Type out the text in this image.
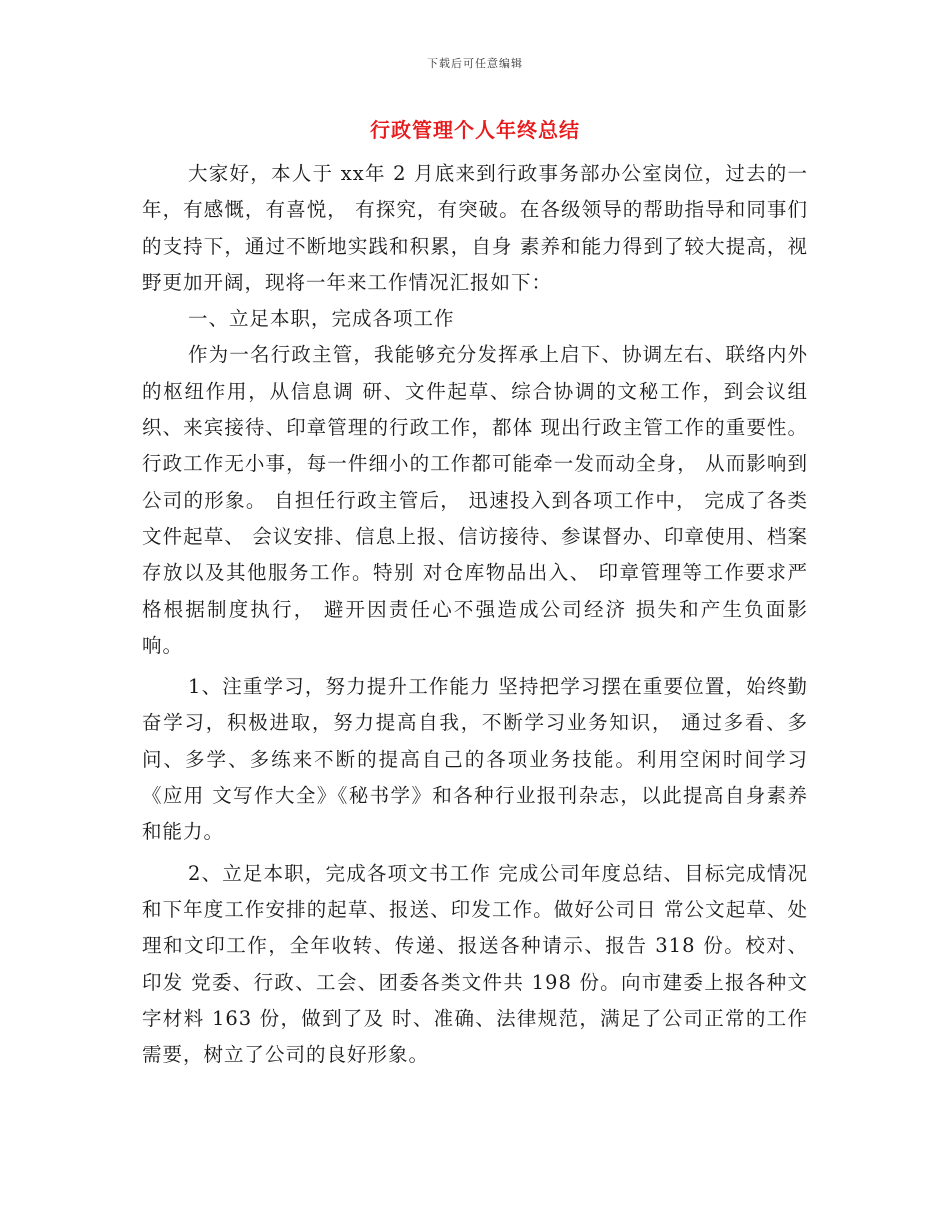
下载后可任意编辑
行政管理个人年终总结

大家好，本人于 xx年 2 月底来到行政事务部办公室岗位，过去的一年，有感慨，有喜悦， 有探究，有突破。在各级领导的帮助指导和同事们的支持下，通过不断地实践和积累，自身 素养和能力得到了较大提高，视野更加开阔，现将一年来工作情况汇报如下：

一、立足本职，完成各项工作

作为一名行政主管，我能够充分发挥承上启下、协调左右、联络内外的枢纽作用，从信息调 研、文件起草、综合协调的文秘工作，到会议组织、来宾接待、印章管理的行政工作，都体 现出行政主管工作的重要性。行政工作无小事，每一件细小的工作都可能牵一发而动全身， 从而影响到公司的形象。 自担任行政主管后， 迅速投入到各项工作中， 完成了各类文件起草、 会议安排、信息上报、信访接待、参谋督办、印章使用、档案存放以及其他服务工作。特别 对仓库物品出入、 印章管理等工作要求严格根据制度执行， 避开因责任心不强造成公司经济 损失和产生负面影响。

1、注重学习，努力提升工作能力 坚持把学习摆在重要位置，始终勤奋学习，积极进取，努力提高自我，不断学习业务知识， 通过多看、多问、多学、多练来不断的提高自己的各项业务技能。利用空闲时间学习《应用 文写作大全》《秘书学》和各种行业报刊杂志，以此提高自身素养和能力。

2、立足本职，完成各项文书工作 完成公司年度总结、目标完成情况和下年度工作安排的起草、报送、印发工作。做好公司日 常公文起草、处理和文印工作，全年收转、传递、报送各种请示、报告 318 份。校对、印发 党委、行政、工会、团委各类文件共 198 份。向市建委上报各种文字材料 163 份，做到了及 时、准确、法律规范，满足了公司正常的工作需要，树立了公司的良好形象。
